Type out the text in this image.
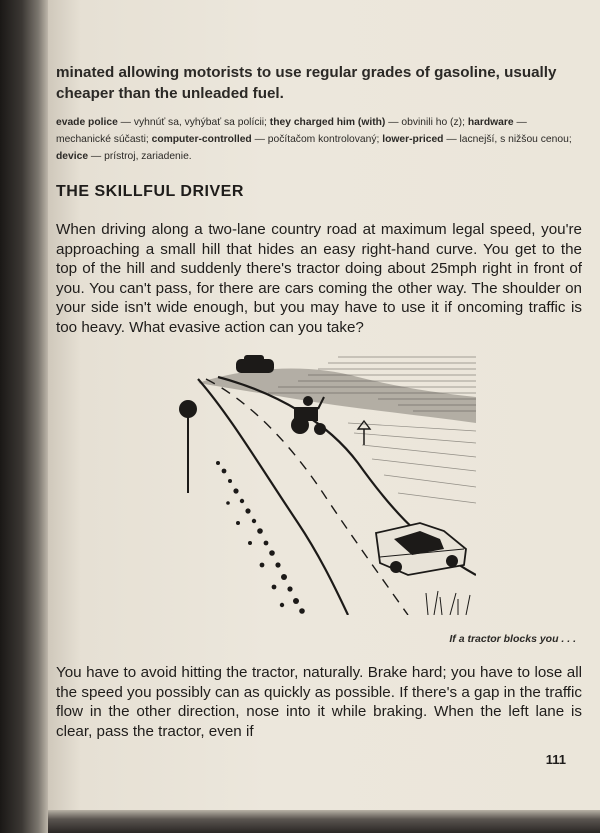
minated allowing motorists to use regular grades of gasoline, usually cheaper than the unleaded fuel.
evade police — vyhnúť sa, vyhýbať sa polícii; they charged him (with) — obvinili ho (z); hardware — mechanické súčasti; computer-controlled — počítačom kontrolovaný; lower-priced — lacnejší, s nižšou cenou; device — prístroj, zariadenie.
THE SKILLFUL DRIVER
When driving along a two-lane country road at maximum legal speed, you're approaching a small hill that hides an easy right-hand curve. You get to the top of the hill and suddenly there's tractor doing about 25mph right in front of you. You can't pass, for there are cars coming the other way. The shoulder on your side isn't wide enough, but you may have to use it if oncoming traffic is too heavy. What evasive action can you take?
If a tractor blocks you . . .
You have to avoid hitting the tractor, naturally. Brake hard; you have to lose all the speed you possibly can as quickly as possible. If there's a gap in the traffic flow in the other direction, nose into it while braking. When the left lane is clear, pass the tractor, even if
111
